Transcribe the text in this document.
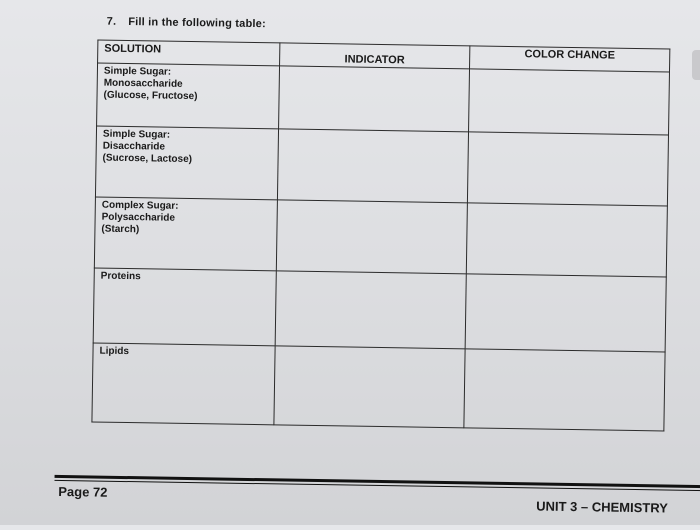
7. Fill in the following table:
SOLUTION	INDICATOR	COLOR CHANGE

Simple Sugar:
Monosaccharide
(Glucose, Fructose)		

Simple Sugar:
Disaccharide
(Sucrose, Lactose)		

Complex Sugar:
Polysaccharide
(Starch)		

Proteins		

Lipids		

Page 72
UNIT 3 – CHEMISTRY
